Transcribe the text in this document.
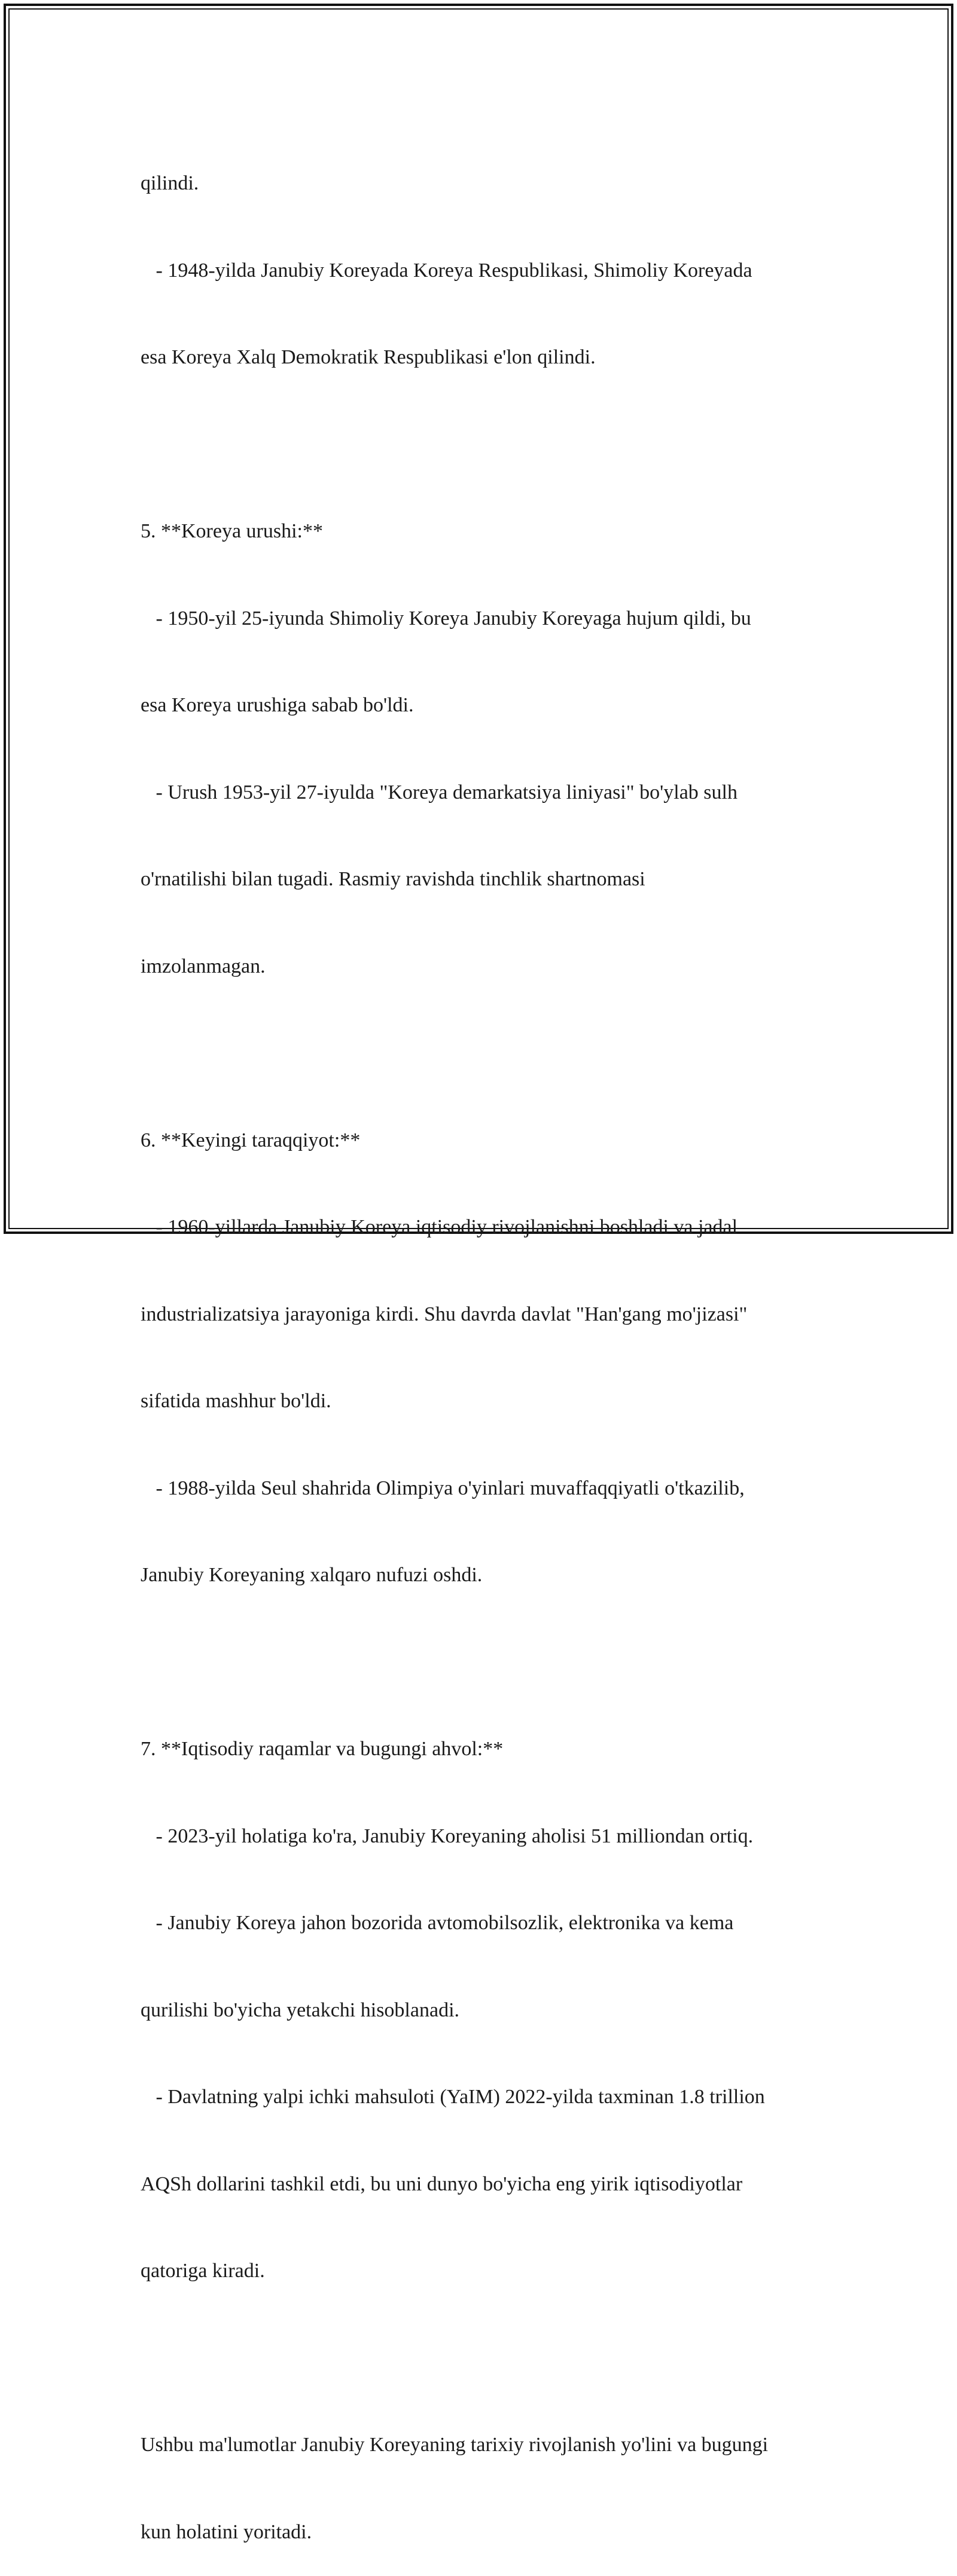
qilindi.

- 1948-yilda Janubiy Koreyada Koreya Respublikasi, Shimoliy Koreyada

esa Koreya Xalq Demokratik Respublikasi e'lon qilindi.

5. **Koreya urushi:**

- 1950-yil 25-iyunda Shimoliy Koreya Janubiy Koreyaga hujum qildi, bu

esa Koreya urushiga sabab bo'ldi.

- Urush 1953-yil 27-iyulda "Koreya demarkatsiya liniyasi" bo'ylab sulh

o'rnatilishi bilan tugadi. Rasmiy ravishda tinchlik shartnomasi

imzolanmagan.

6. **Keyingi taraqqiyot:**

- 1960-yillarda Janubiy Koreya iqtisodiy rivojlanishni boshladi va jadal

industrializatsiya jarayoniga kirdi. Shu davrda davlat "Han'gang mo'jizasi"

sifatida mashhur bo'ldi.

- 1988-yilda Seul shahrida Olimpiya o'yinlari muvaffaqqiyatli o'tkazilib,

Janubiy Koreyaning xalqaro nufuzi oshdi.

7. **Iqtisodiy raqamlar va bugungi ahvol:**

- 2023-yil holatiga ko'ra, Janubiy Koreyaning aholisi 51 milliondan ortiq.

- Janubiy Koreya jahon bozorida avtomobilsozlik, elektronika va kema

qurilishi bo'yicha yetakchi hisoblanadi.

- Davlatning yalpi ichki mahsuloti (YaIM) 2022-yilda taxminan 1.8 trillion

AQSh dollarini tashkil etdi, bu uni dunyo bo'yicha eng yirik iqtisodiyotlar

qatoriga kiradi.

Ushbu ma'lumotlar Janubiy Koreyaning tarixiy rivojlanish yo'lini va bugungi

kun holatini yoritadi.
